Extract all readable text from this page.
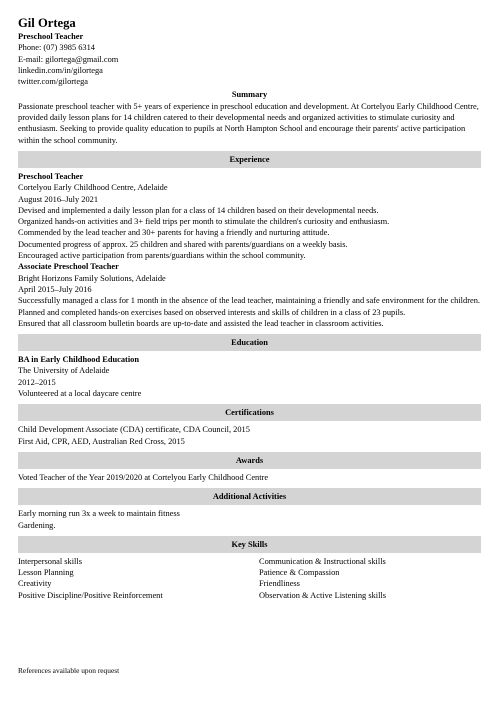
Gil Ortega
Preschool Teacher
Phone: (07) 3985 6314
E-mail: gilortega@gmail.com
linkedin.com/in/gilortega
twitter.com/gilortega
Summary
Passionate preschool teacher with 5+ years of experience in preschool education and development. At Cortelyou Early Childhood Centre, provided daily lesson plans for 14 children catered to their developmental needs and organized activities to stimulate curiosity and enthusiasm. Seeking to provide quality education to pupils at North Hampton School and encourage their parents' active participation within the school community.
Experience
Preschool Teacher
Cortelyou Early Childhood Centre, Adelaide
August 2016–July 2021
Devised and implemented a daily lesson plan for a class of 14 children based on their developmental needs.
Organized hands-on activities and 3+ field trips per month to stimulate the children's curiosity and enthusiasm.
Commended by the lead teacher and 30+ parents for having a friendly and nurturing attitude.
Documented progress of approx. 25 children and shared with parents/guardians on a weekly basis.
Encouraged active participation from parents/guardians within the school community.
Associate Preschool Teacher
Bright Horizons Family Solutions, Adelaide
April 2015–July 2016
Successfully managed a class for 1 month in the absence of the lead teacher, maintaining a friendly and safe environment for the children.
Planned and completed hands-on exercises based on observed interests and skills of children in a class of 23 pupils.
Ensured that all classroom bulletin boards are up-to-date and assisted the lead teacher in classroom activities.
Education
BA in Early Childhood Education
The University of Adelaide
2012–2015
Volunteered at a local daycare centre
Certifications
Child Development Associate (CDA) certificate, CDA Council, 2015
First Aid, CPR, AED, Australian Red Cross, 2015
Awards
Voted Teacher of the Year 2019/2020 at Cortelyou Early Childhood Centre
Additional Activities
Early morning run 3x a week to maintain fitness
Gardening.
Key Skills
Interpersonal skills	Communication & Instructional skills
Lesson Planning	Patience & Compassion
Creativity	Friendliness
Positive Discipline/Positive Reinforcement	Observation & Active Listening skills
References available upon request
